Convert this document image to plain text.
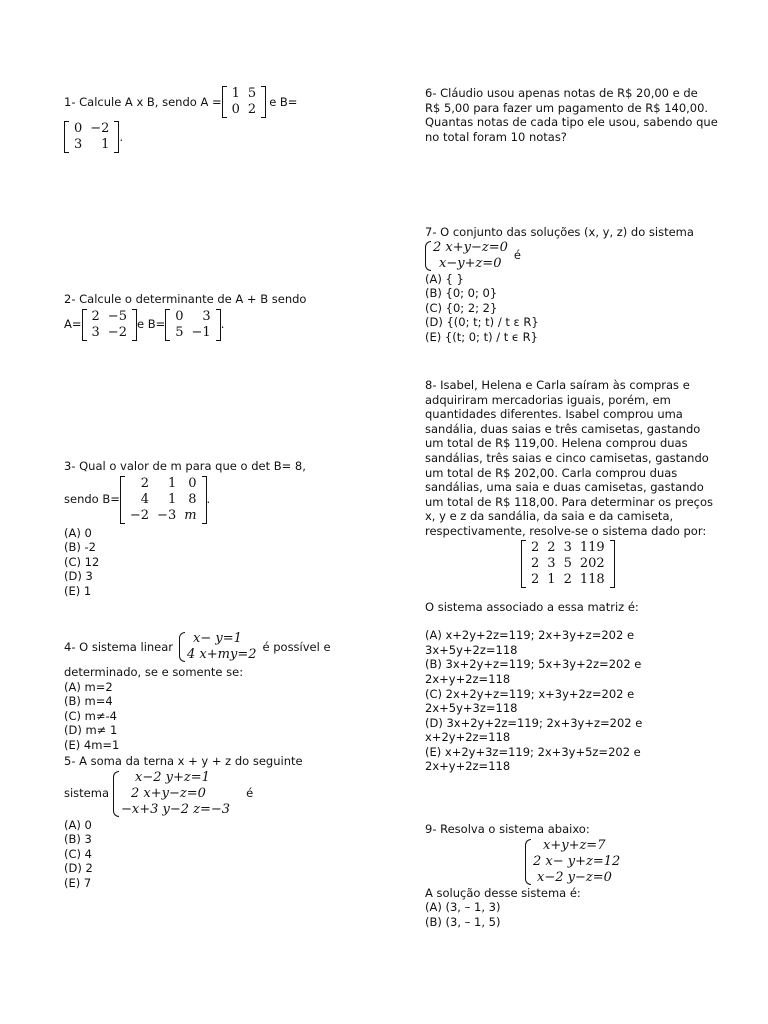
1- Calcule A x B, sendo A =
1	5
0	2
e B=
0	−2
3	1
.
2- Calcule o determinante de A + B sendo
A=
2	−5
3	−2
e B=
0	3
5	−1
.
3- Qual o valor de m para que o det B= 8,
sendo B=
2	1	0
4	1	8
−2	−3	m
.
(A) 0
(B) -2
(C) 12
(D) 3
(E) 1
4- O sistema linear
x− y=1
4 x+my=2
é possível e
determinado, se e somente se:
(A) m=2
(B) m=4
(C) m≠-4
(D) m≠ 1
(E) 4m=1
5- A soma da terna x + y + z do seguinte
sistema
x−2 y+z=1
2 x+y−z=0
−x+3 y−2 z=−3
é
(A) 0
(B) 3
(C) 4
(D) 2
(E) 7
6- Cláudio usou apenas notas de R$ 20,00 e de
R$ 5,00 para fazer um pagamento de R$ 140,00.
Quantas notas de cada tipo ele usou, sabendo que
no total foram 10 notas?
7- O conjunto das soluções (x, y, z) do sistema
2 x+y−z=0
x−y+z=0
é
(A) { }
(B) {0; 0; 0}
(C) {0; 2; 2}
(D) {(0; t; t) / t ε R}
(E) {(t; 0; t) / t ϵ R}
8- Isabel, Helena e Carla saíram às compras e
adquiriram mercadorias iguais, porém, em
quantidades diferentes. Isabel comprou uma
sandália, duas saias e três camisetas, gastando
um total de R$ 119,00. Helena comprou duas
sandálias, três saias e cinco camisetas, gastando
um total de R$ 202,00. Carla comprou duas
sandálias, uma saia e duas camisetas, gastando
um total de R$ 118,00. Para determinar os preços
x, y e z da sandália, da saia e da camiseta,
respectivamente, resolve-se o sistema dado por:
2	2	3	119
2	3	5	202
2	1	2	118
O sistema associado a essa matriz é:
(A) x+2y+2z=119; 2x+3y+z=202 e
3x+5y+2z=118
(B) 3x+2y+z=119; 5x+3y+2z=202 e
2x+y+2z=118
(C) 2x+2y+z=119; x+3y+2z=202 e
2x+5y+3z=118
(D) 3x+2y+2z=119; 2x+3y+z=202 e
x+2y+2z=118
(E) x+2y+3z=119; 2x+3y+5z=202 e
2x+y+2z=118
9- Resolva o sistema abaixo:
x+y+z=7
2 x− y+z=12
x−2 y−z=0
A solução desse sistema é:
(A) (3, – 1, 3)
(B) (3, – 1, 5)
